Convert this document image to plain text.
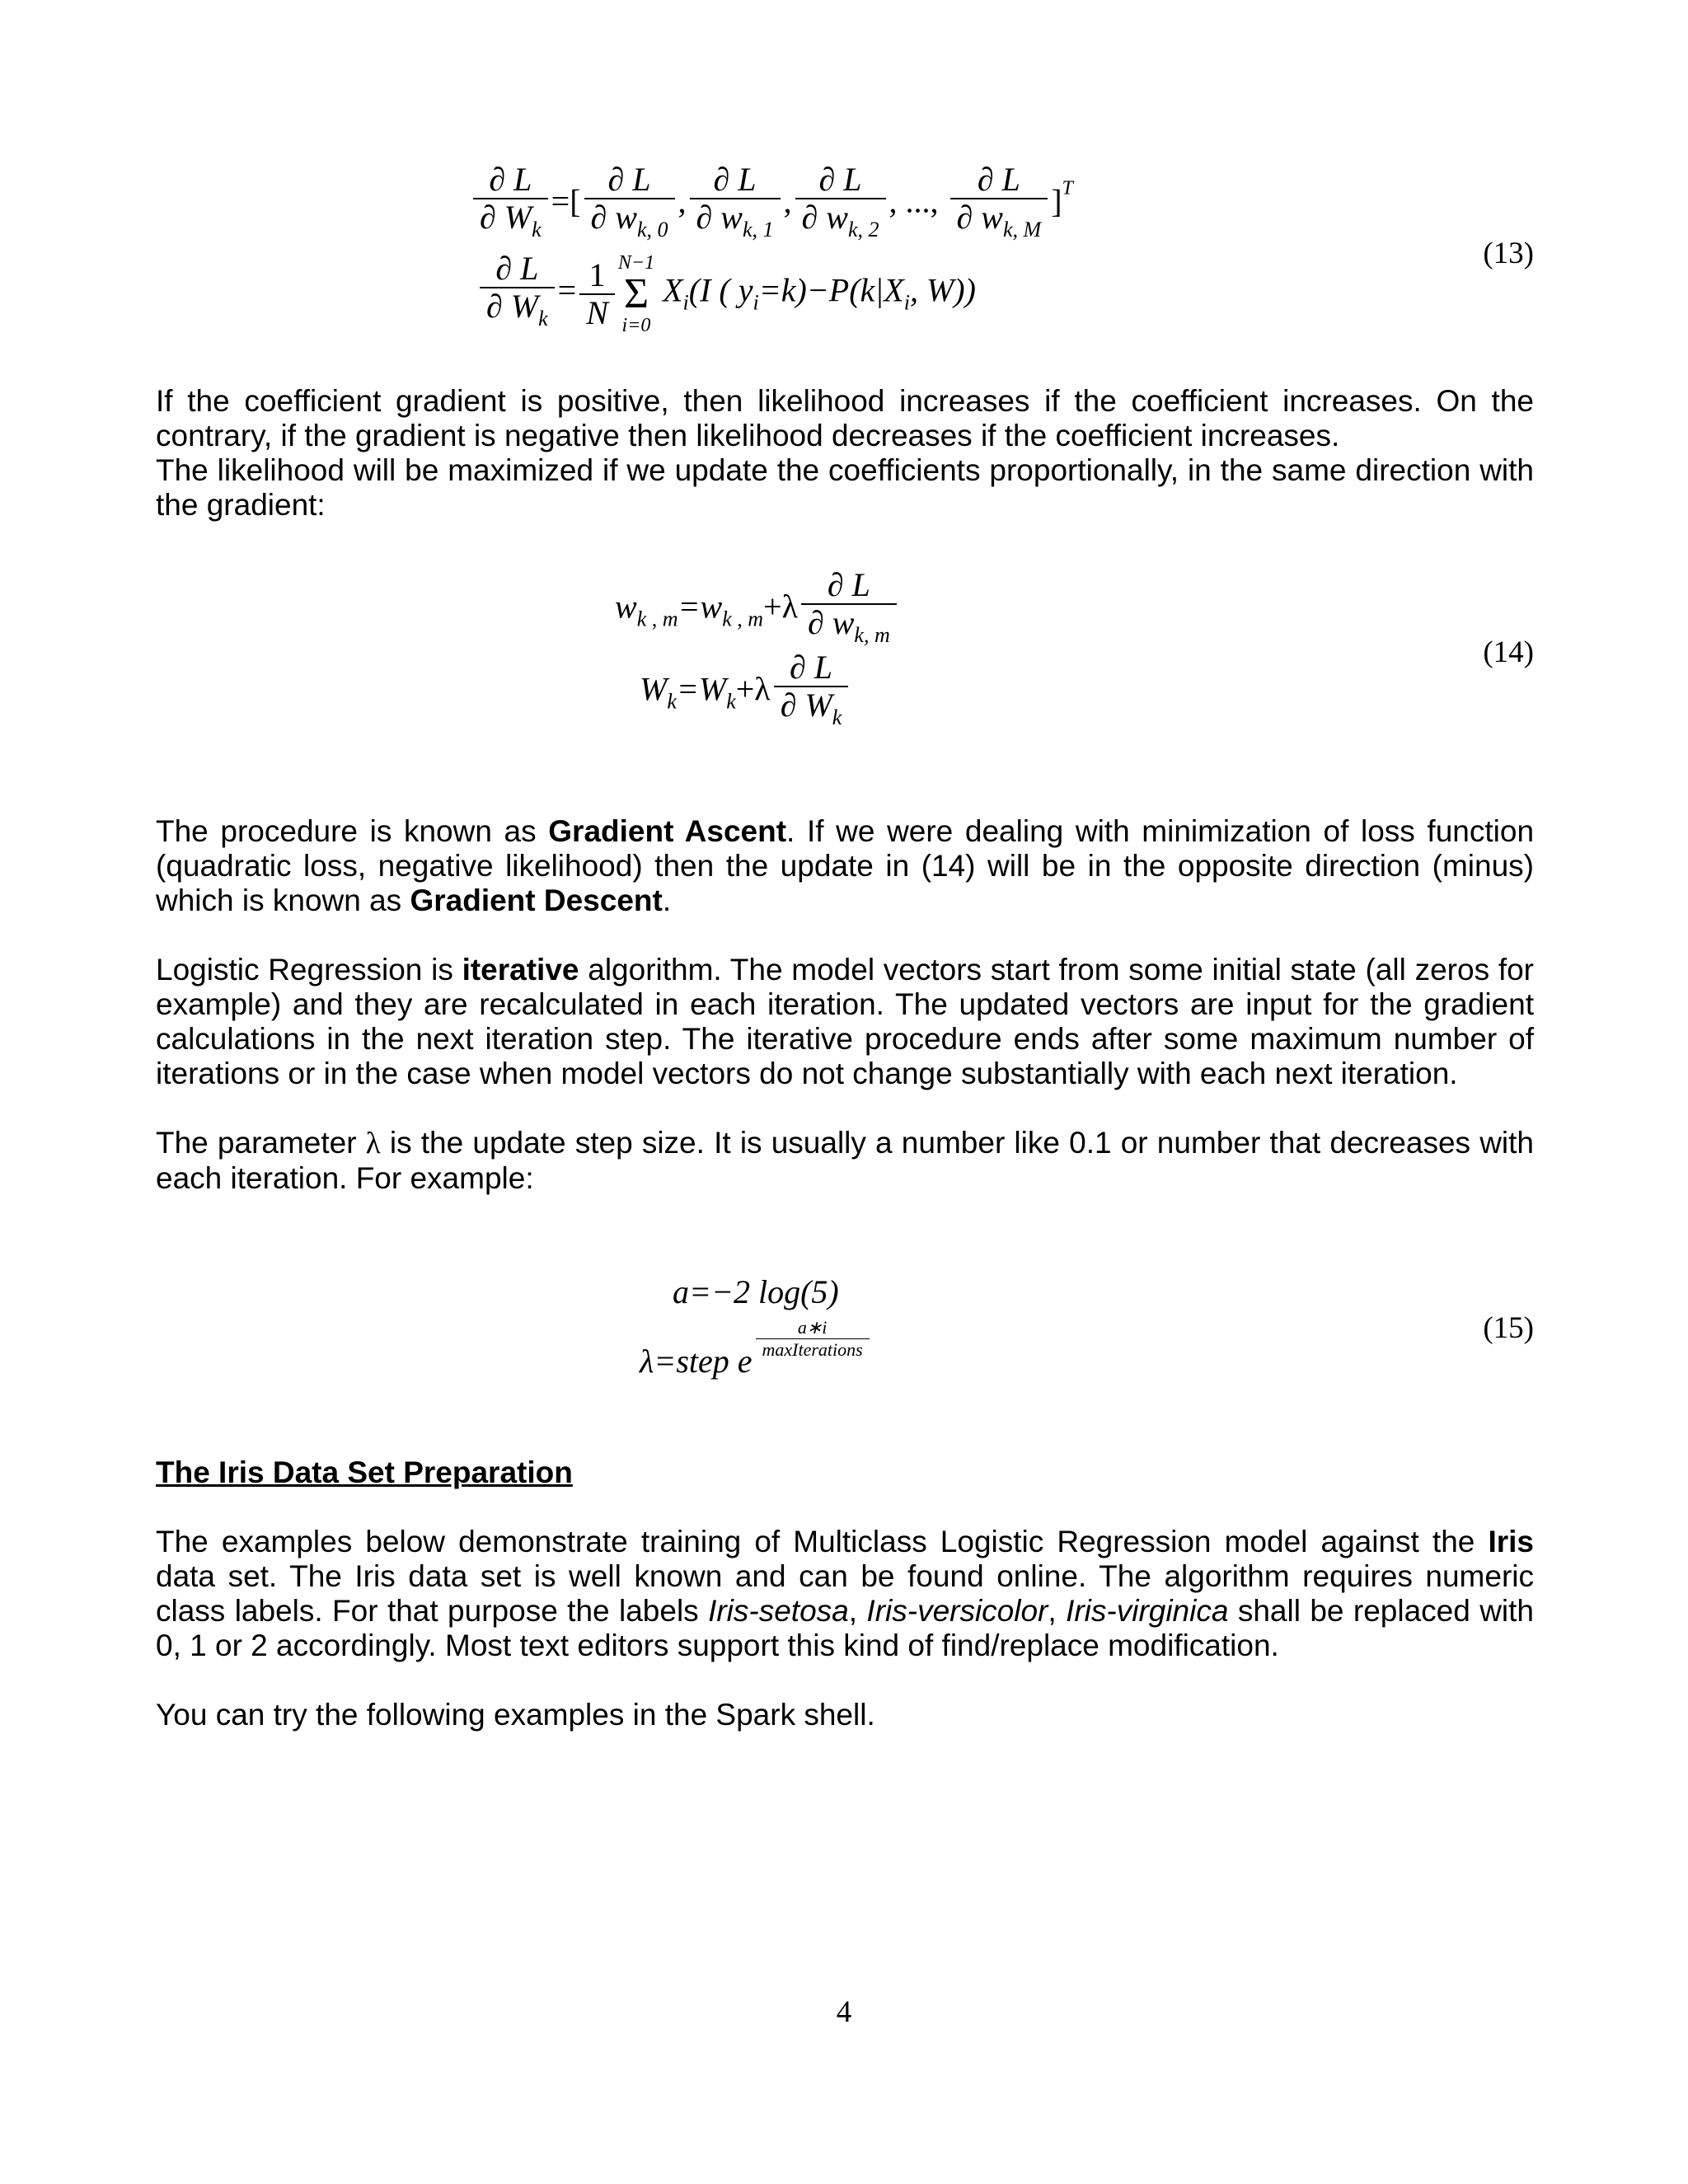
$\frac{\partial L}{\partial W_k}$ =[ $\frac{\partial L}{\partial w_{k, 0}}$ , $\frac{\partial L}{\partial w_{k, 1}}$ , $\frac{\partial L}{\partial w_{k, 2}}$ , ..., $\frac{\partial L}{\partial w_{k, M}} ]^T$
$\frac{\partial L}{\partial W_k} = \frac{1}{N} N-1$
Σ
i=0
$X_i(I$ ( $y_i=k)-P(k|X_i$, W))
(13)
If the coefficient gradient is positive, then likelihood increases if the coefficient increases. On the contrary, if the gradient is negative then likelihood decreases if the coefficient increases.
The likelihood will be maximized if we update the coefficients proportionally, in the same direction with the gradient:
$w_{k , m}=w_{k , m}+\lambda \frac{\partial L}{\partial w_{k, m}}$
$W_k=W_k+\lambda \frac{\partial L}{\partial W_k}$	(14)
The procedure is known as Gradient Ascent. If we were dealing with minimization of loss function (quadratic loss, negative likelihood) then the update in (14) will be in the opposite direction (minus) which is known as Gradient Descent.
Logistic Regression is iterative algorithm. The model vectors start from some initial state (all zeros for example) and they are recalculated in each iteration. The updated vectors are input for the gradient calculations in the next iteration step. The iterative procedure ends after some maximum number of iterations or in the case when model vectors do not change substantially with each next iteration.
The parameter λ is the update step size. It is usually a number like 0.1 or number that decreases with each iteration. For example:
a=−2 log(5)
λ=step e
$\frac{a∗i}{\text{maxIterations}}$	(15)
The Iris Data Set Preparation
The examples below demonstrate training of Multiclass Logistic Regression model against the Iris data set. The Iris data set is well known and can be found online. The algorithm requires numeric class labels. For that purpose the labels Iris-setosa, Iris-versicolor, Iris-virginica shall be replaced with 0, 1 or 2 accordingly. Most text editors support this kind of find/replace modification.
You can try the following examples in the Spark shell.
4
